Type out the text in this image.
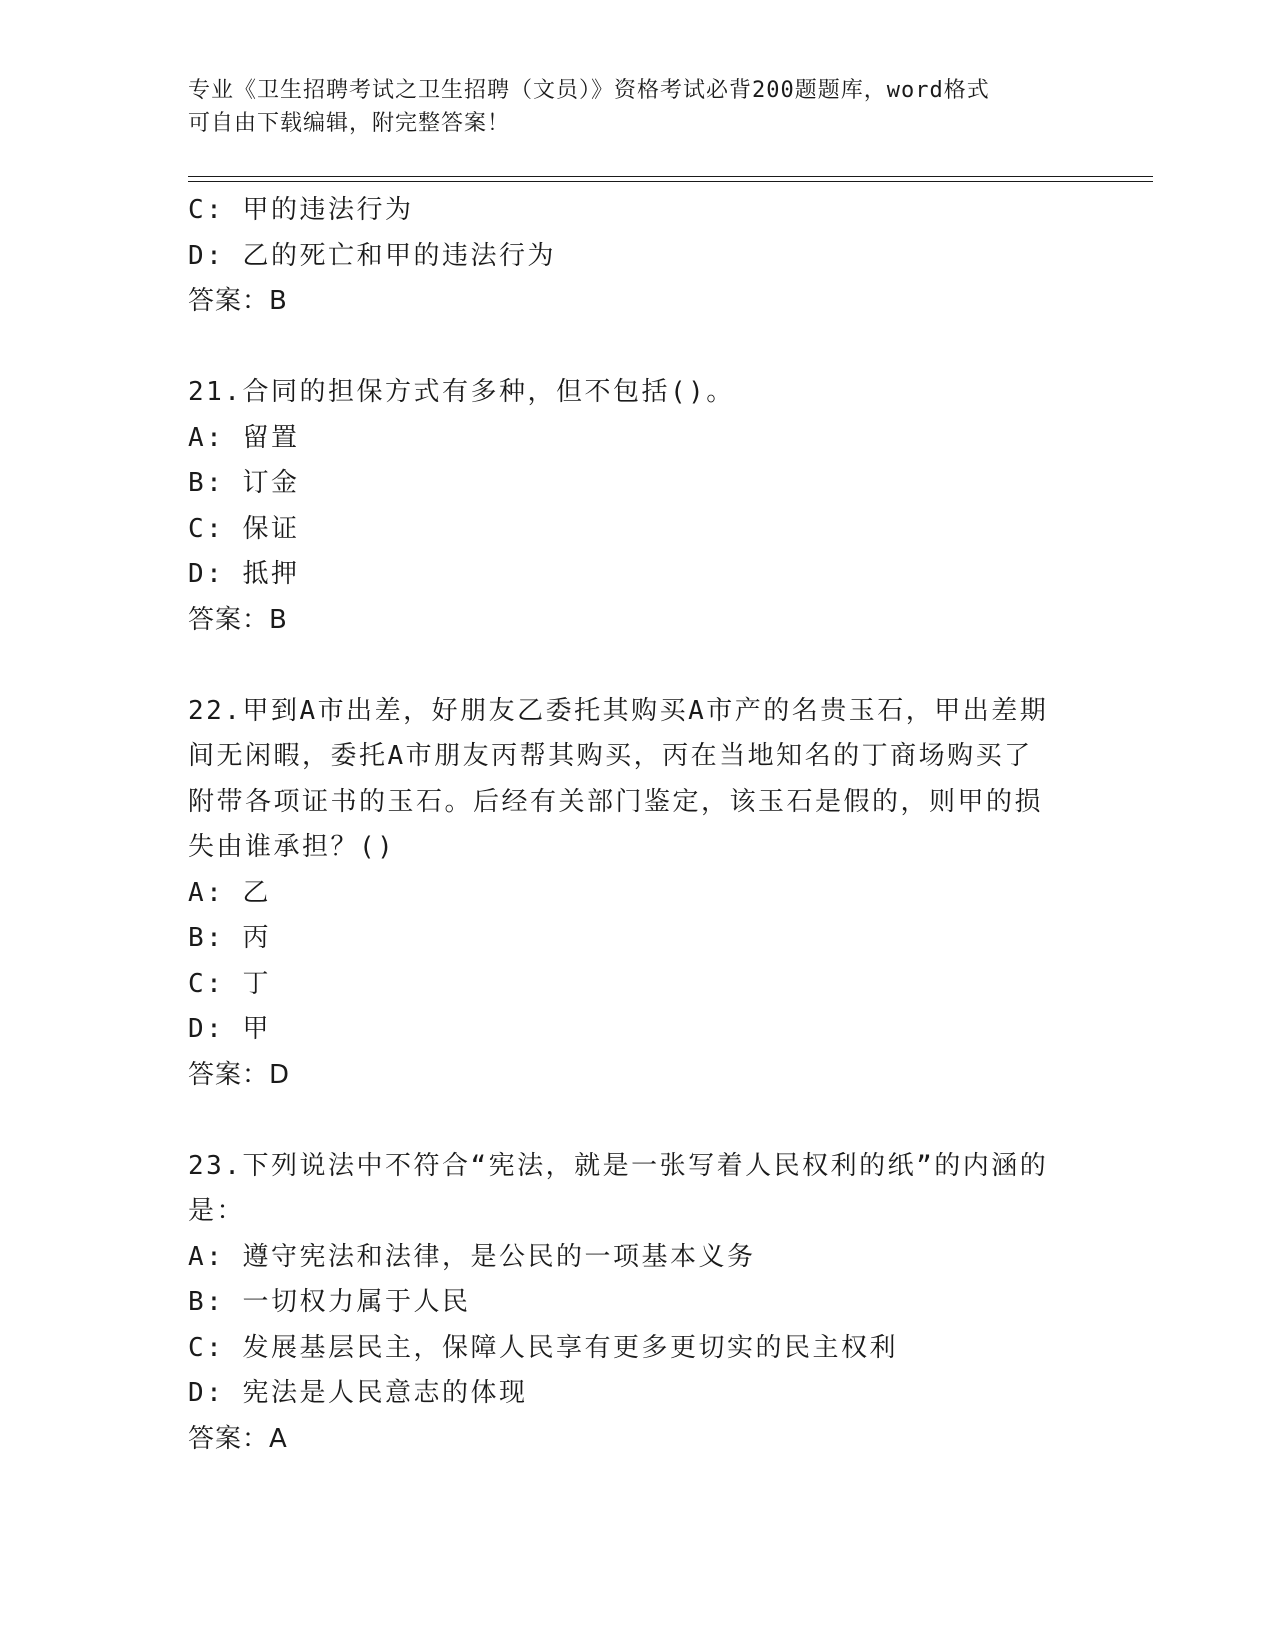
专业《卫生招聘考试之卫生招聘（文员）》资格考试必背200题题库，word格式
可自由下载编辑，附完整答案！
C: 甲的违法行为
D: 乙的死亡和甲的违法行为
答案：B
21.合同的担保方式有多种，但不包括()。
A: 留置
B: 订金
C: 保证
D: 抵押
答案：B
22.甲到A市出差，好朋友乙委托其购买A市产的名贵玉石，甲出差期
间无闲暇，委托A市朋友丙帮其购买，丙在当地知名的丁商场购买了
附带各项证书的玉石。后经有关部门鉴定，该玉石是假的，则甲的损
失由谁承担？()
A: 乙
B: 丙
C: 丁
D: 甲
答案：D
23.下列说法中不符合“宪法，就是一张写着人民权利的纸”的内涵的
是：
A: 遵守宪法和法律，是公民的一项基本义务
B: 一切权力属于人民
C: 发展基层民主，保障人民享有更多更切实的民主权利
D: 宪法是人民意志的体现
答案：A
